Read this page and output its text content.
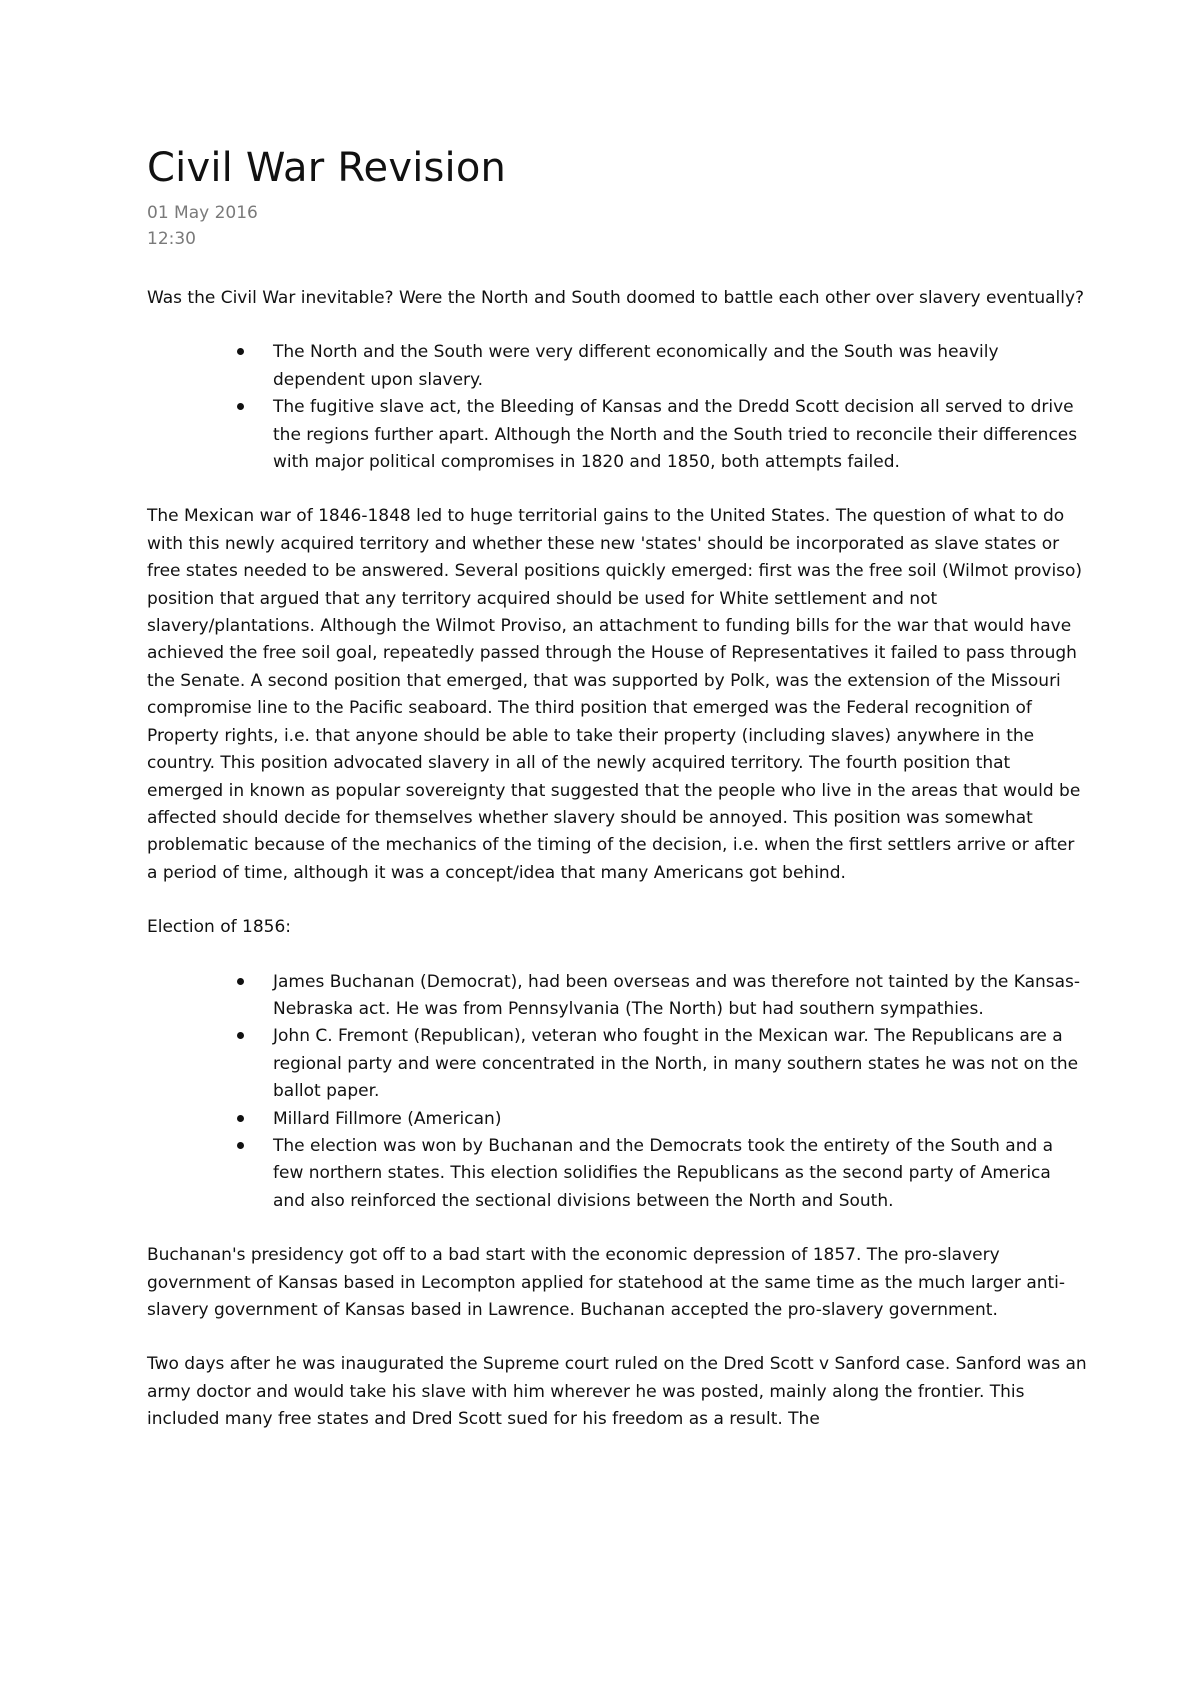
Civil War Revision
01 May 2016
12:30

Was the Civil War inevitable? Were the North and South doomed to battle each other over slavery eventually?

The North and the South were very different economically and the South was heavily dependent upon slavery.
The fugitive slave act, the Bleeding of Kansas and the Dredd Scott decision all served to drive the regions further apart. Although the North and the South tried to reconcile their differences with major political compromises in 1820 and 1850, both attempts failed.

The Mexican war of 1846-1848 led to huge territorial gains to the United States. The question of what to do with this newly acquired territory and whether these new 'states' should be incorporated as slave states or free states needed to be answered. Several positions quickly emerged: first was the free soil (Wilmot proviso) position that argued that any territory acquired should be used for White settlement and not slavery/plantations. Although the Wilmot Proviso, an attachment to funding bills for the war that would have achieved the free soil goal, repeatedly passed through the House of Representatives it failed to pass through the Senate. A second position that emerged, that was supported by Polk, was the extension of the Missouri compromise line to the Pacific seaboard. The third position that emerged was the Federal recognition of Property rights, i.e. that anyone should be able to take their property (including slaves) anywhere in the country. This position advocated slavery in all of the newly acquired territory. The fourth position that emerged in known as popular sovereignty that suggested that the people who live in the areas that would be affected should decide for themselves whether slavery should be annoyed. This position was somewhat problematic because of the mechanics of the timing of the decision, i.e. when the first settlers arrive or after a period of time, although it was a concept/idea that many Americans got behind.

Election of 1856:

James Buchanan (Democrat), had been overseas and was therefore not tainted by the Kansas-Nebraska act. He was from Pennsylvania (The North) but had southern sympathies.
John C. Fremont (Republican), veteran who fought in the Mexican war. The Republicans are a regional party and were concentrated in the North, in many southern states he was not on the ballot paper.
Millard Fillmore (American)
The election was won by Buchanan and the Democrats took the entirety of the South and a few northern states. This election solidifies the Republicans as the second party of America and also reinforced the sectional divisions between the North and South.

Buchanan's presidency got off to a bad start with the economic depression of 1857. The pro-slavery government of Kansas based in Lecompton applied for statehood at the same time as the much larger anti-slavery government of Kansas based in Lawrence. Buchanan accepted the pro-slavery government.

Two days after he was inaugurated the Supreme court ruled on the Dred Scott v Sanford case. Sanford was an army doctor and would take his slave with him wherever he was posted, mainly along the frontier. This included many free states and Dred Scott sued for his freedom as a result. The
